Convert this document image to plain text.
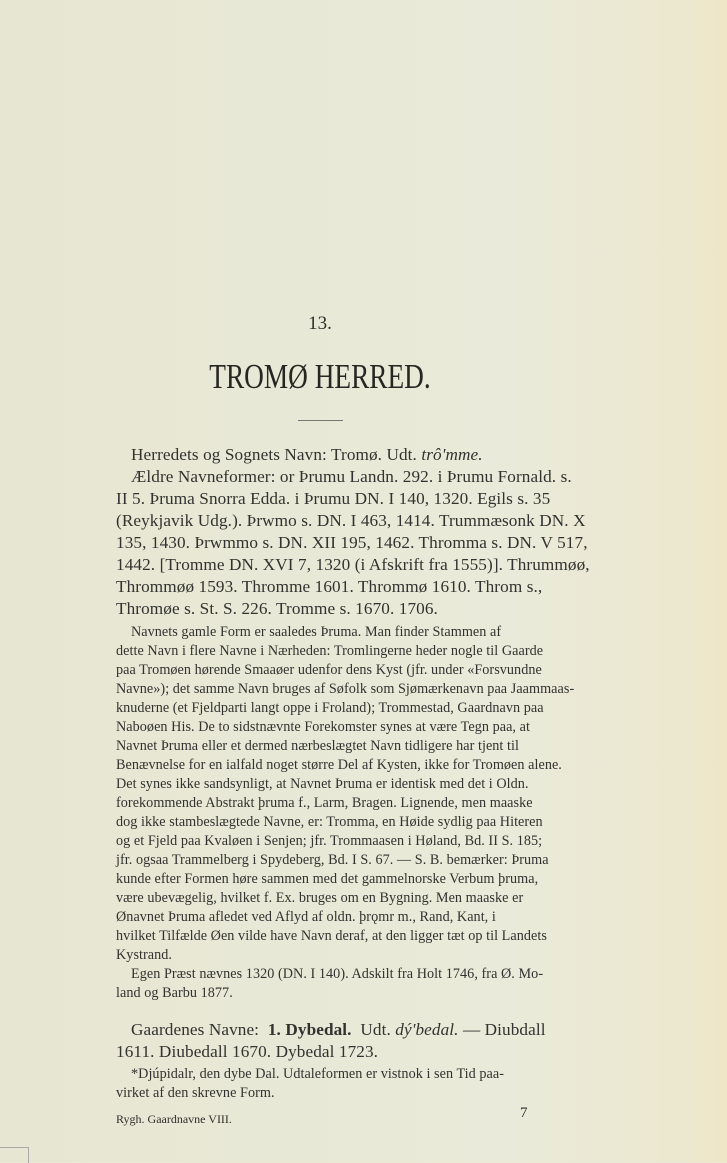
13.
TROMØ HERRED.
Herredets og Sognets Navn: Tromø. Udt. trô'mme.
Ældre Navneformer: or Þrumu Landn. 292. i Þrumu Fornald. s.
II 5. Þruma Snorra Edda. i Þrumu DN. I 140, 1320. Egils s. 35
(Reykjavik Udg.). Þrwmo s. DN. I 463, 1414. Trummæsonk DN. X
135, 1430. Þrwmmo s. DN. XII 195, 1462. Thromma s. DN. V 517,
1442. [Tromme DN. XVI 7, 1320 (i Afskrift fra 1555)]. Thrummøø,
Thrommøø 1593. Thromme 1601. Thrommø 1610. Throm s.,
Thromøe s. St. S. 226. Tromme s. 1670. 1706.
Navnets gamle Form er saaledes Þruma. Man finder Stammen af
dette Navn i flere Navne i Nærheden: Tromlingerne heder nogle til Gaarde
paa Tromøen hørende Smaaøer udenfor dens Kyst (jfr. under «Forsvundne
Navne»); det samme Navn bruges af Søfolk som Sjømærkenavn paa Jaammaas-
knuderne (et Fjeldparti langt oppe i Froland); Trommestad, Gaardnavn paa
Naboøen His. De to sidstnævnte Forekomster synes at være Tegn paa, at
Navnet Þruma eller et dermed nærbeslægtet Navn tidligere har tjent til
Benævnelse for en ialfald noget større Del af Kysten, ikke for Tromøen alene.
Det synes ikke sandsynligt, at Navnet Þruma er identisk med det i Oldn.
forekommende Abstrakt þruma f., Larm, Bragen. Lignende, men maaske
dog ikke stambeslægtede Navne, er: Tromma, en Høide sydlig paa Hiteren
og et Fjeld paa Kvaløen i Senjen; jfr. Trommaasen i Høland, Bd. II S. 185;
jfr. ogsaa Trammelberg i Spydeberg, Bd. I S. 67. — S. B. bemærker: Þruma
kunde efter Formen høre sammen med det gammelnorske Verbum þruma,
være ubevægelig, hvilket f. Ex. bruges om en Bygning. Men maaske er
Ønavnet Þruma afledet ved Aflyd af oldn. þrǫmr m., Rand, Kant, i
hvilket Tilfælde Øen vilde have Navn deraf, at den ligger tæt op til Landets
Kystrand.
Egen Præst nævnes 1320 (DN. I 140). Adskilt fra Holt 1746, fra Ø. Mo-
land og Barbu 1877.
Gaardenes Navne: 1. Dybedal. Udt. dý'bedal. — Diubdall
1611. Diubedall 1670. Dybedal 1723.
*Djúpidalr, den dybe Dal. Udtaleformen er vistnok i sen Tid paa-
virket af den skrevne Form.
Rygh. Gaardnavne VIII.	7
